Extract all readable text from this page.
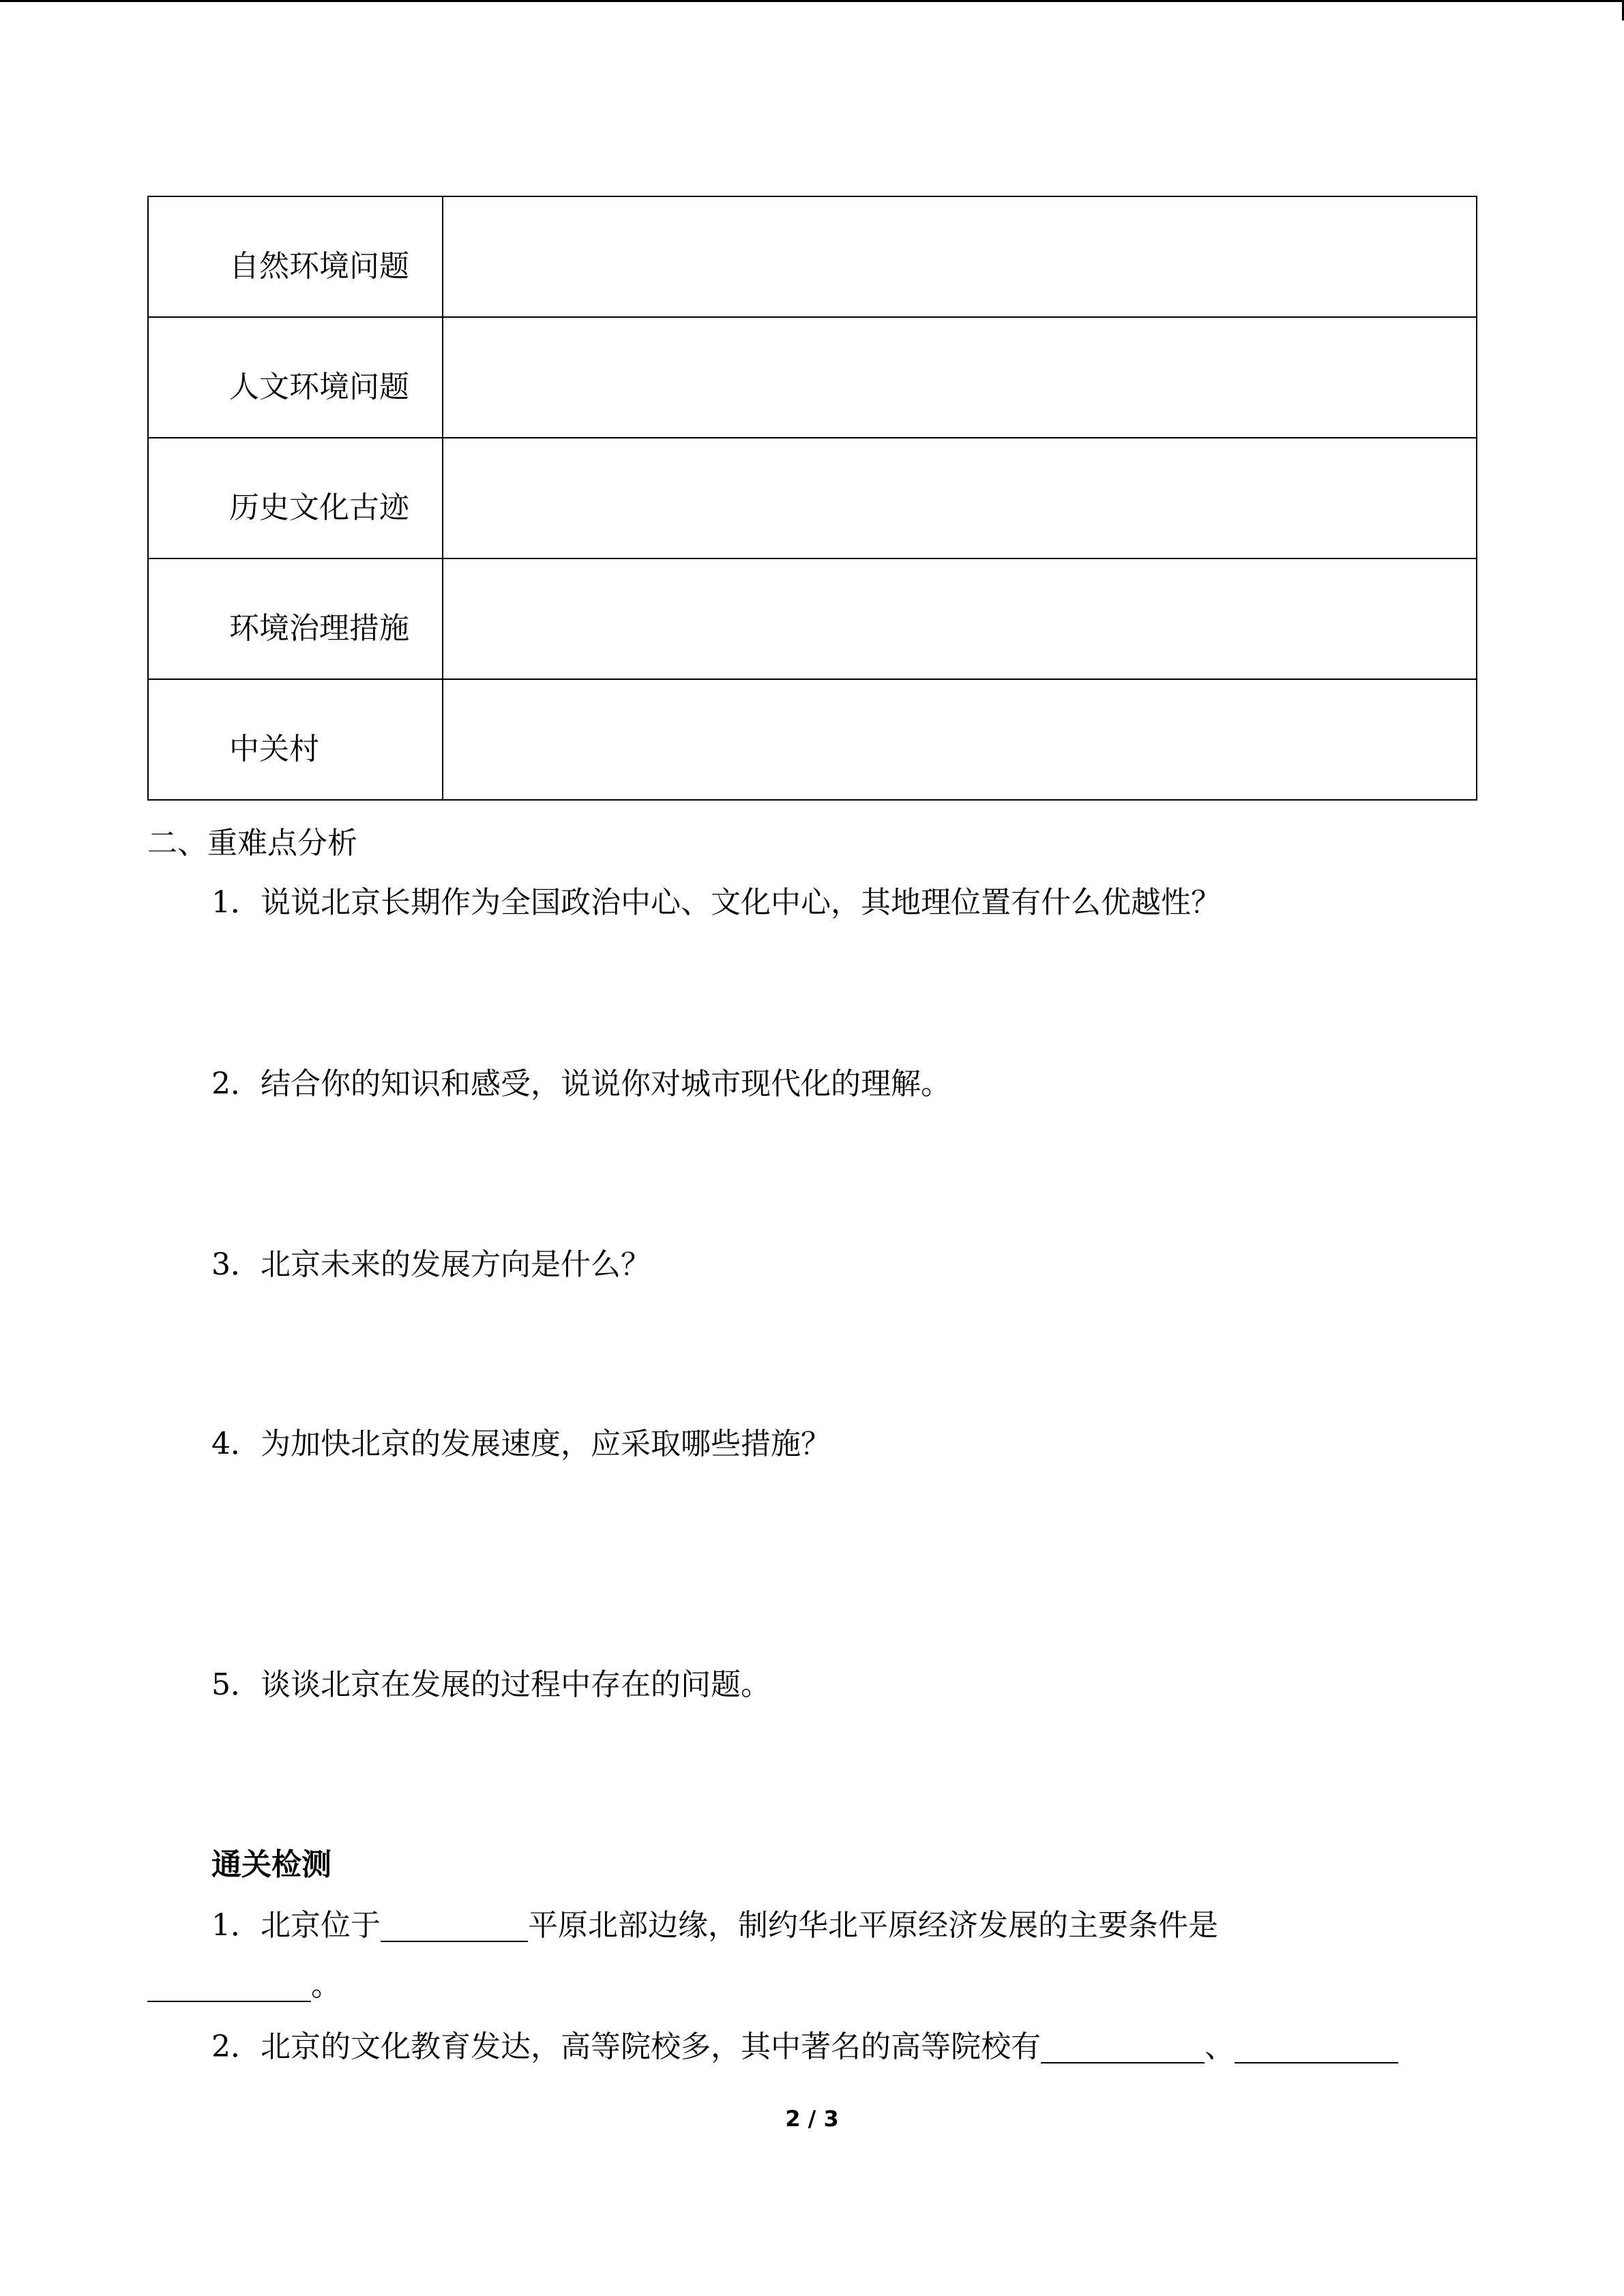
自然环境问题	

人文环境问题	

历史文化古迹	

环境治理措施	

中关村	
二、重难点分析
1．说说北京长期作为全国政治中心、文化中心，其地理位置有什么优越性？
2．结合你的知识和感受，说说你对城市现代化的理解。
3．北京未来的发展方向是什么？
4．为加快北京的发展速度，应采取哪些措施？
5．谈谈北京在发展的过程中存在的问题。
通关检测
1．北京位于	平原北部边缘，制约华北平原经济发展的主要条件是
。
2．北京的文化教育发达，高等院校多，其中著名的高等院校有	、
2 / 3
